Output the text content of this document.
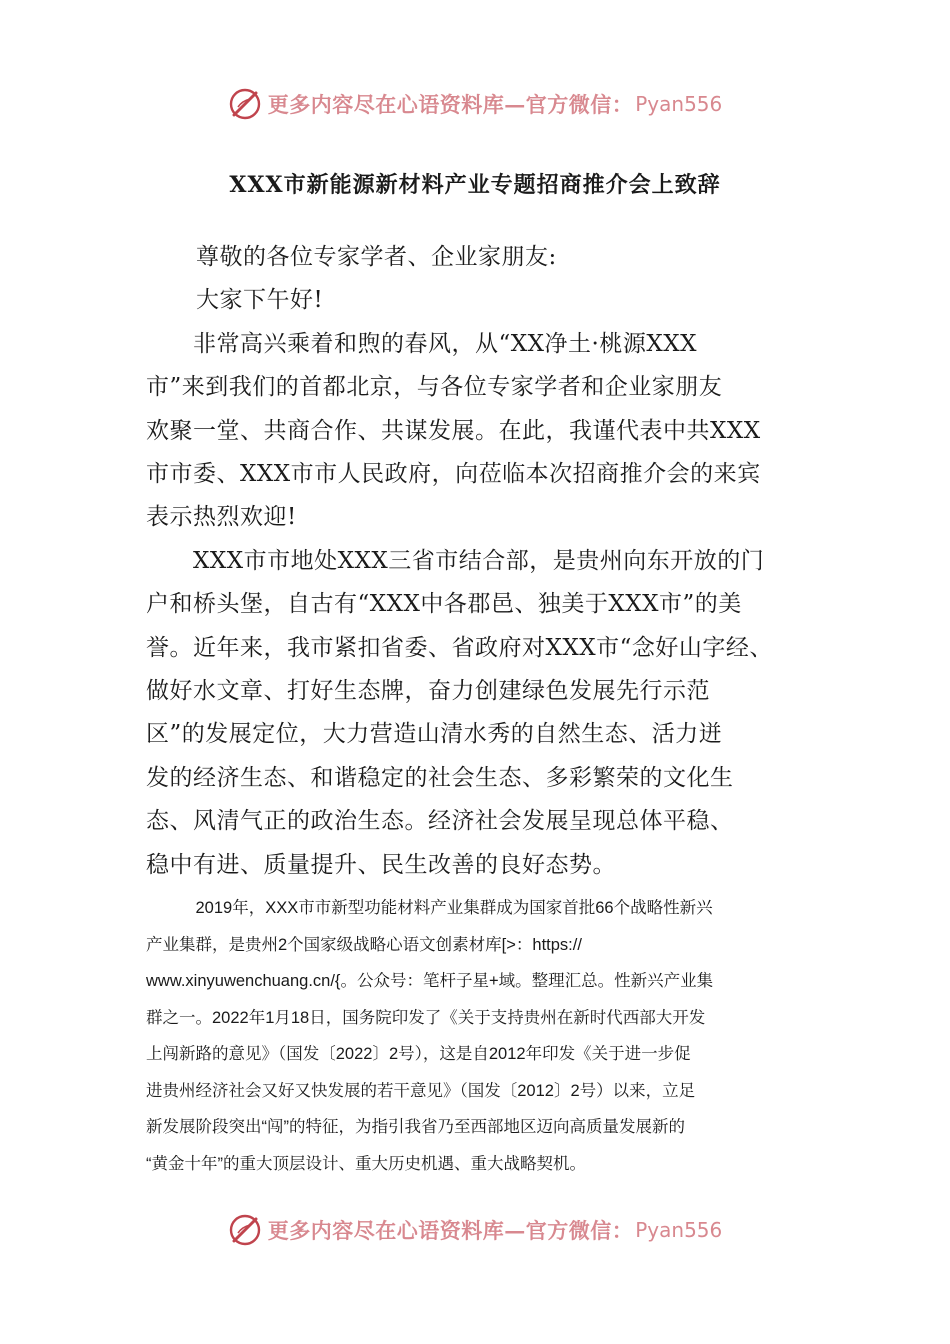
更多内容尽在心语资料库—官方微信： Pyan556
XXX市新能源新材料产业专题招商推介会上致辞
尊敬的各位专家学者、企业家朋友:
大家下午好!
　　非常高兴乘着和煦的春风，从“XX净土·桃源XXX
市”来到我们的首都北京，与各位专家学者和企业家朋友
欢聚一堂、共商合作、共谋发展。在此，我谨代表中共XXX
市市委、XXX市市人民政府，向莅临本次招商推介会的来宾
表示热烈欢迎!
　　XXX市市地处XXX三省市结合部，是贵州向东开放的门
户和桥头堡，自古有“XXX中各郡邑、独美于XXX市”的美
誉。近年来，我市紧扣省委、省政府对XXX市“念好山字经、
做好水文章、打好生态牌，奋力创建绿色发展先行示范
区”的发展定位，大力营造山清水秀的自然生态、活力迸
发的经济生态、和谐稳定的社会生态、多彩繁荣的文化生
态、风清气正的政治生态。经济社会发展呈现总体平稳、
稳中有进、质量提升、民生改善的良好态势。
　　　2019年，XXX市市新型功能材料产业集群成为国家首批66个战略性新兴
产业集群，是贵州2个国家级战略心语文创素材库[>：https://
www.xinyuwenchuang.cn/{。公众号：笔杆子星+域。整理汇总。性新兴产业集
群之一。2022年1月18日，国务院印发了《关于支持贵州在新时代西部大开发
上闯新路的意见》（国发〔2022〕2号），这是自2012年印发《关于进一步促
进贵州经济社会又好又快发展的若干意见》（国发〔2012〕2号）以来，立足
新发展阶段突出“闯”的特征，为指引我省乃至西部地区迈向高质量发展新的
“黄金十年”的重大顶层设计、重大历史机遇、重大战略契机。
更多内容尽在心语资料库—官方微信： Pyan556
